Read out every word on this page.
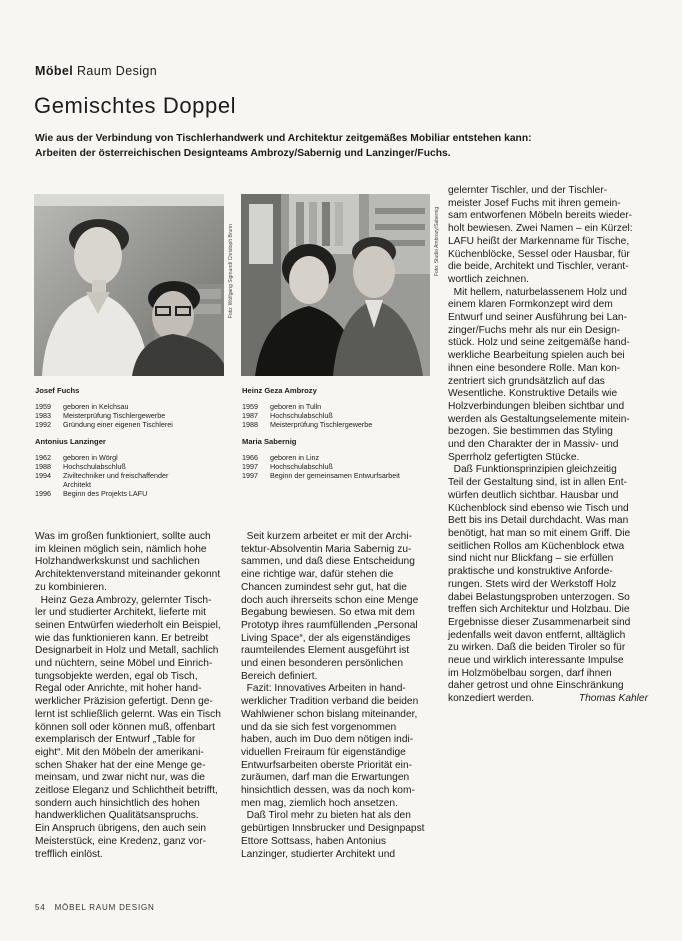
Möbel Raum Design
Gemischtes Doppel
Wie aus der Verbindung von Tischlerhandwerk und Architektur zeitgemäßes Mobiliar entstehen kann:
Arbeiten der österreichischen Designteams Ambrozy/Sabernig und Lanzinger/Fuchs.
Foto: Wolfgang Sigmund/ Christoph Brunn	Foto: Studio Ambrozy/Sabernig
Josef Fuchs
1959	geboren in Kelchsau
1983	Meisterprüfung Tischlergewerbe
1992	Gründung einer eigenen Tischlerei
Antonius Lanzinger
1962	geboren in Wörgl
1988	Hochschulabschluß
1994	Ziviltechniker und freischaffender Architekt
1996	Beginn des Projekts LAFU
Heinz Geza Ambrozy
1959	geboren in Tulln
1987	Hochschulabschluß
1988	Meisterprüfung Tischlergewerbe
Maria Sabernig
1966	geboren in Linz
1997	Hochschulabschluß
1997	Beginn der gemeinsamen Entwurfsarbeit
Was im großen funktioniert, sollte auch
im kleinen möglich sein, nämlich hohe
Holzhandwerkskunst und sachlichen
Architektenverstand miteinander gekonnt
zu kombinieren.
Heinz Geza Ambrozy, gelernter Tisch-
ler und studierter Architekt, lieferte mit
seinen Entwürfen wiederholt ein Beispiel,
wie das funktionieren kann. Er betreibt
Designarbeit in Holz und Metall, sachlich
und nüchtern, seine Möbel und Einrich-
tungsobjekte werden, egal ob Tisch,
Regal oder Anrichte, mit hoher hand-
werklicher Präzision gefertigt. Denn ge-
lernt ist schließlich gelernt. Was ein Tisch
können soll oder können muß, offenbart
exemplarisch der Entwurf „Table for
eight“. Mit den Möbeln der amerikani-
schen Shaker hat der eine Menge ge-
meinsam, und zwar nicht nur, was die
zeitlose Eleganz und Schlichtheit betrifft,
sondern auch hinsichtlich des hohen
handwerklichen Qualitätsanspruchs.
Ein Anspruch übrigens, den auch sein
Meisterstück, eine Kredenz, ganz vor-
trefflich einlöst.
Seit kurzem arbeitet er mit der Archi-
tektur-Absolventin Maria Sabernig zu-
sammen, und daß diese Entscheidung
eine richtige war, dafür stehen die
Chancen zumindest sehr gut, hat die
doch auch ihrerseits schon eine Menge
Begabung bewiesen. So etwa mit dem
Prototyp ihres raumfüllenden „Personal
Living Space“, der als eigenständiges
raumteilendes Element ausgeführt ist
und einen besonderen persönlichen
Bereich definiert.
Fazit: Innovatives Arbeiten in hand-
werklicher Tradition verband die beiden
Wahlwiener schon bislang miteinander,
und da sie sich fest vorgenommen
haben, auch im Duo dem nötigen indi-
viduellen Freiraum für eigenständige
Entwurfsarbeiten oberste Priorität ein-
zuräumen, darf man die Erwartungen
hinsichtlich dessen, was da noch kom-
men mag, ziemlich hoch ansetzen.
Daß Tirol mehr zu bieten hat als den
gebürtigen Innsbrucker und Designpapst
Ettore Sottsass, haben Antonius
Lanzinger, studierter Architekt und
gelernter Tischler, und der Tischler-
meister Josef Fuchs mit ihren gemein-
sam entworfenen Möbeln bereits wieder-
holt bewiesen. Zwei Namen – ein Kürzel:
LAFU heißt der Markenname für Tische,
Küchenblöcke, Sessel oder Hausbar, für
die beide, Architekt und Tischler, verant-
wortlich zeichnen.
Mit hellem, naturbelassenem Holz und
einem klaren Formkonzept wird dem
Entwurf und seiner Ausführung bei Lan-
zinger/Fuchs mehr als nur ein Design-
stück. Holz und seine zeitgemäße hand-
werkliche Bearbeitung spielen auch bei
ihnen eine besondere Rolle. Man kon-
zentriert sich grundsätzlich auf das
Wesentliche. Konstruktive Details wie
Holzverbindungen bleiben sichtbar und
werden als Gestaltungselemente mitein-
bezogen. Sie bestimmen das Styling
und den Charakter der in Massiv- und
Sperrholz gefertigten Stücke.
Daß Funktionsprinzipien gleichzeitig
Teil der Gestaltung sind, ist in allen Ent-
würfen deutlich sichtbar. Hausbar und
Küchenblock sind ebenso wie Tisch und
Bett bis ins Detail durchdacht. Was man
benötigt, hat man so mit einem Griff. Die
seitlichen Rollos am Küchenblock etwa
sind nicht nur Blickfang – sie erfüllen
praktische und konstruktive Anforde-
rungen. Stets wird der Werkstoff Holz
dabei Belastungsproben unterzogen. So
treffen sich Architektur und Holzbau. Die
Ergebnisse dieser Zusammenarbeit sind
jedenfalls weit davon entfernt, alltäglich
zu wirken. Daß die beiden Tiroler so für
neue und wirklich interessante Impulse
im Holzmöbelbau sorgen, darf ihnen
daher getrost und ohne Einschränkung
konzediert werden.	Thomas Kahler
54 MÖBEL RAUM DESIGN
